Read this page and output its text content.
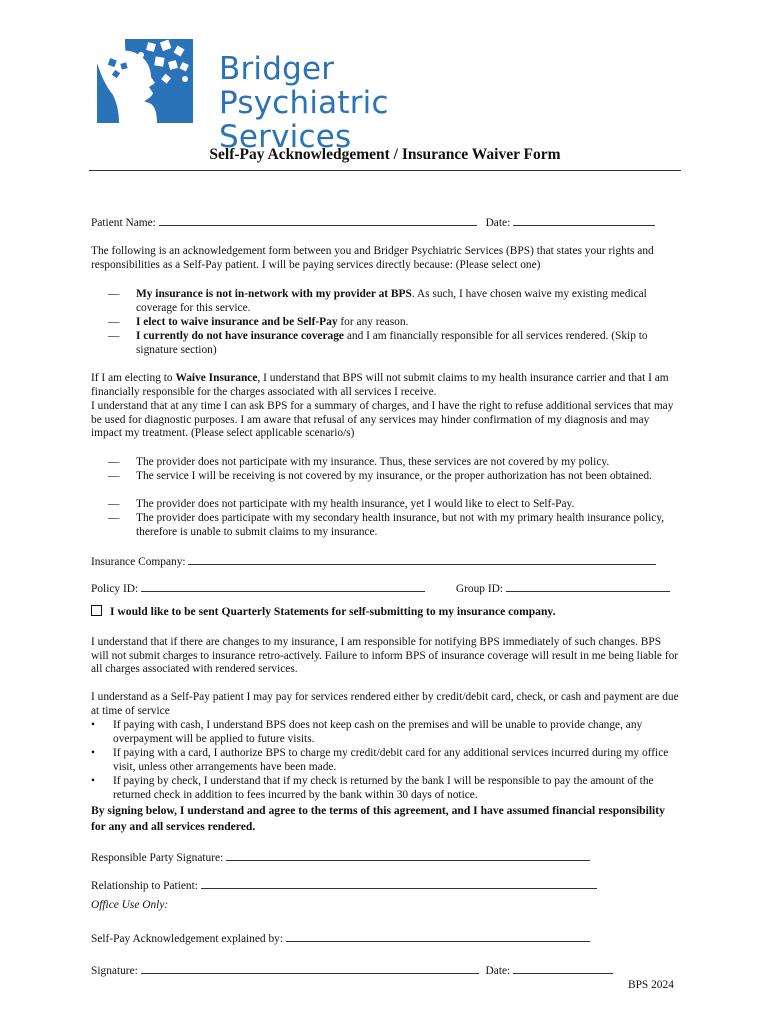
Bridger Psychiatric
Services
Self-Pay Acknowledgement / Insurance Waiver Form
Patient Name:	Date:
The following is an acknowledgement form between you and Bridger Psychiatric Services (BPS) that states your rights and responsibilities as a Self-Pay patient. I will be paying services directly because: (Please select one)
— My insurance is not in-network with my provider at BPS. As such, I have chosen waive my existing medical coverage for this service.
— I elect to waive insurance and be Self-Pay for any reason.
— I currently do not have insurance coverage and I am financially responsible for all services rendered. (Skip to signature section)
If I am electing to Waive Insurance, I understand that BPS will not submit claims to my health insurance carrier and that I am financially responsible for the charges associated with all services I receive.
I understand that at any time I can ask BPS for a summary of charges, and I have the right to refuse additional services that may be used for diagnostic purposes. I am aware that refusal of any services may hinder confirmation of my diagnosis and may impact my treatment. (Please select applicable scenario/s)
— The provider does not participate with my insurance. Thus, these services are not covered by my policy.
— The service I will be receiving is not covered by my insurance, or the proper authorization has not been obtained.
— The provider does not participate with my health insurance, yet I would like to elect to Self-Pay.
— The provider does participate with my secondary health insurance, but not with my primary health insurance policy, therefore is unable to submit claims to my insurance.
Insurance Company:
Policy ID:	Group ID:
I would like to be sent Quarterly Statements for self-submitting to my insurance company.
I understand that if there are changes to my insurance, I am responsible for notifying BPS immediately of such changes. BPS will not submit charges to insurance retro-actively. Failure to inform BPS of insurance coverage will result in me being liable for all charges associated with rendered services.
I understand as a Self-Pay patient I may pay for services rendered either by credit/debit card, check, or cash and payment are due at time of service
• If paying with cash, I understand BPS does not keep cash on the premises and will be unable to provide change, any overpayment will be applied to future visits.
• If paying with a card, I authorize BPS to charge my credit/debit card for any additional services incurred during my office visit, unless other arrangements have been made.
• If paying by check, I understand that if my check is returned by the bank I will be responsible to pay the amount of the returned check in addition to fees incurred by the bank within 30 days of notice.
By signing below, I understand and agree to the terms of this agreement, and I have assumed financial responsibility for any and all services rendered.
Responsible Party Signature:
Relationship to Patient:
Office Use Only:
Self-Pay Acknowledgement explained by:
Signature:	Date:
BPS 2024
